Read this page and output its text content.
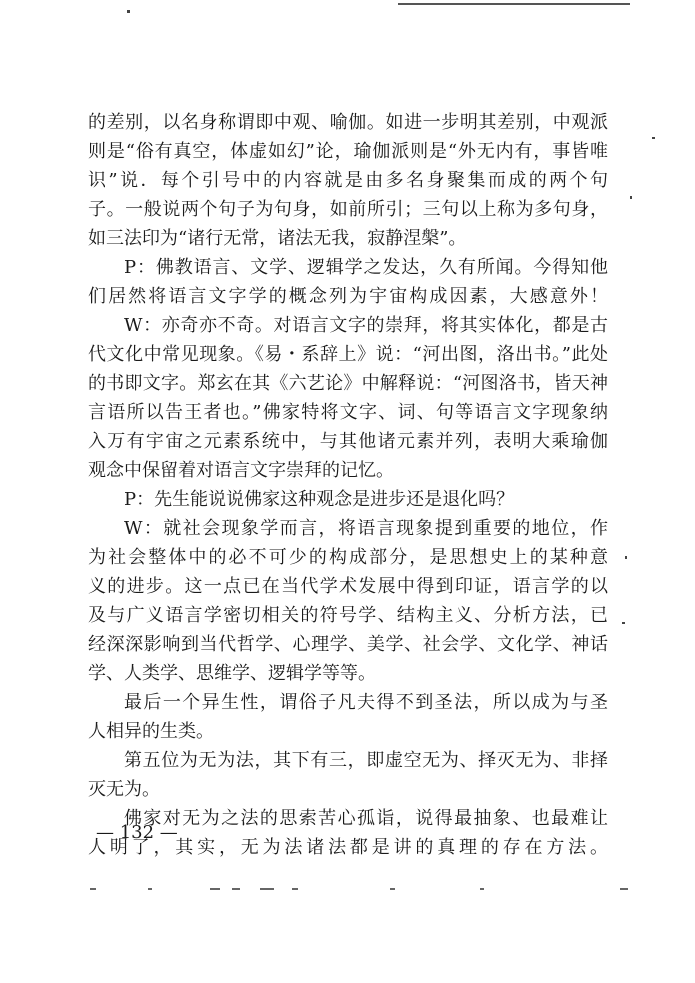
的差别，以名身称谓即中观、喻伽。如进一步明其差别，中观派
则是“俗有真空，体虚如幻”论，瑜伽派则是“外无内有，事皆唯
识”说．每个引号中的内容就是由多名身聚集而成的两个句
子。一般说两个句子为句身，如前所引；三句以上称为多句身，
如三法印为“诸行无常，诸法无我，寂静涅槃”。
P：佛教语言、文学、逻辑学之发达，久有所闻。今得知他
们居然将语言文字学的概念列为宇宙构成因素，大感意外！
W：亦奇亦不奇。对语言文字的崇拜，将其实体化，都是古
代文化中常见现象。《易・系辞上》说：“河出图，洛出书。”此处
的书即文字。郑玄在其《六艺论》中解释说：“河图洛书，皆天神
言语所以告王者也。”佛家特将文字、词、句等语言文字现象纳
入万有宇宙之元素系统中，与其他诸元素并列，表明大乘瑜伽
观念中保留着对语言文字崇拜的记忆。
P：先生能说说佛家这种观念是进步还是退化吗？
W：就社会现象学而言，将语言现象提到重要的地位，作
为社会整体中的必不可少的构成部分，是思想史上的某种意
义的进步。这一点已在当代学术发展中得到印证，语言学的以
及与广义语言学密切相关的符号学、结构主义、分析方法，已
经深深影响到当代哲学、心理学、美学、社会学、文化学、神话
学、人类学、思维学、逻辑学等等。
最后一个异生性，谓俗子凡夫得不到圣法，所以成为与圣
人相异的生类。
第五位为无为法，其下有三，即虚空无为、择灭无为、非择
灭无为。
佛家对无为之法的思索苦心孤诣，说得最抽象、也最难让
人明了，其实，无为法诸法都是讲的真理的存在方法。
— 132 —
